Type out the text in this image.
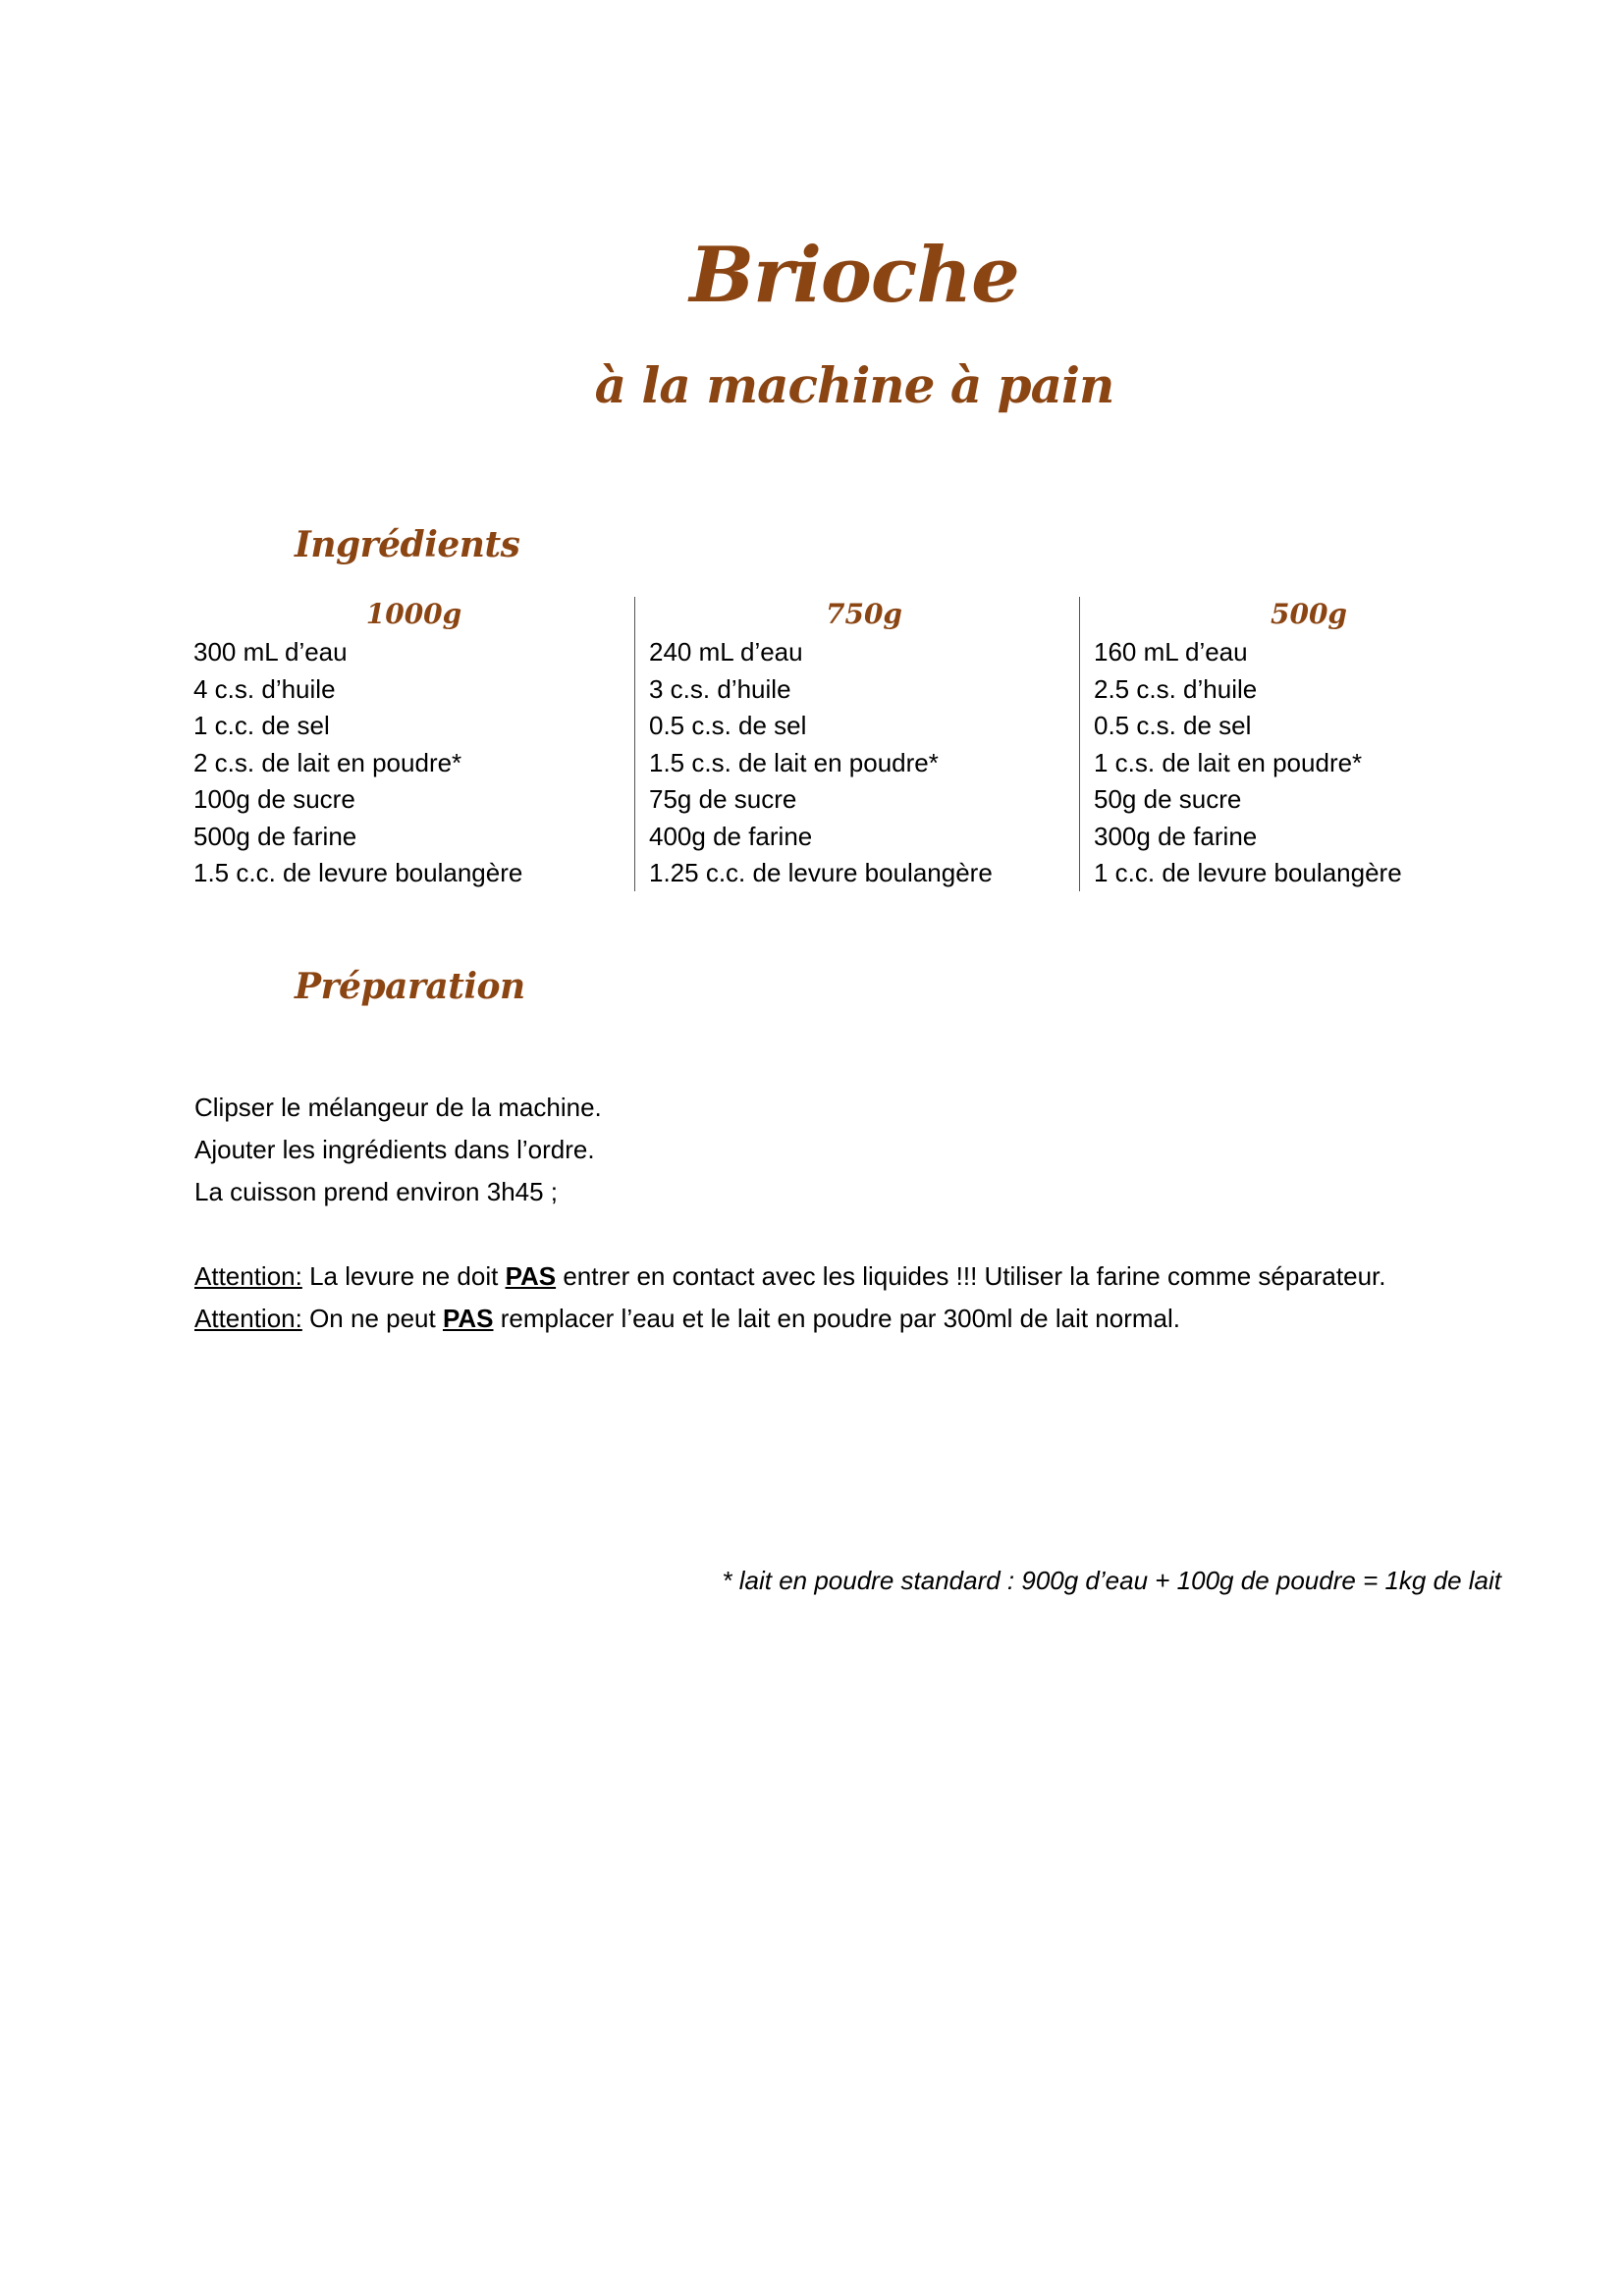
Brioche
à la machine à pain
Ingrédients
1000g
300 mL d’eau
4 c.s. d’huile
1 c.c. de sel
2 c.s. de lait en poudre*
100g de sucre
500g de farine
1.5 c.c. de levure boulangère
750g
240 mL d’eau
3 c.s. d’huile
0.5 c.s. de sel
1.5 c.s. de lait en poudre*
75g de sucre
400g de farine
1.25 c.c. de levure boulangère
500g
160 mL d’eau
2.5 c.s. d’huile
0.5 c.s. de sel
1 c.s. de lait en poudre*
50g de sucre
300g de farine
1 c.c. de levure boulangère
Préparation

Clipser le mélangeur de la machine.

Ajouter les ingrédients dans l’ordre.

La cuisson prend environ 3h45 ;

Attention: La levure ne doit PAS entrer en contact avec les liquides !!! Utiliser la farine comme séparateur.

Attention: On ne peut PAS remplacer l’eau et le lait en poudre par 300ml de lait normal.

* lait en poudre standard : 900g d’eau + 100g de poudre = 1kg de lait
